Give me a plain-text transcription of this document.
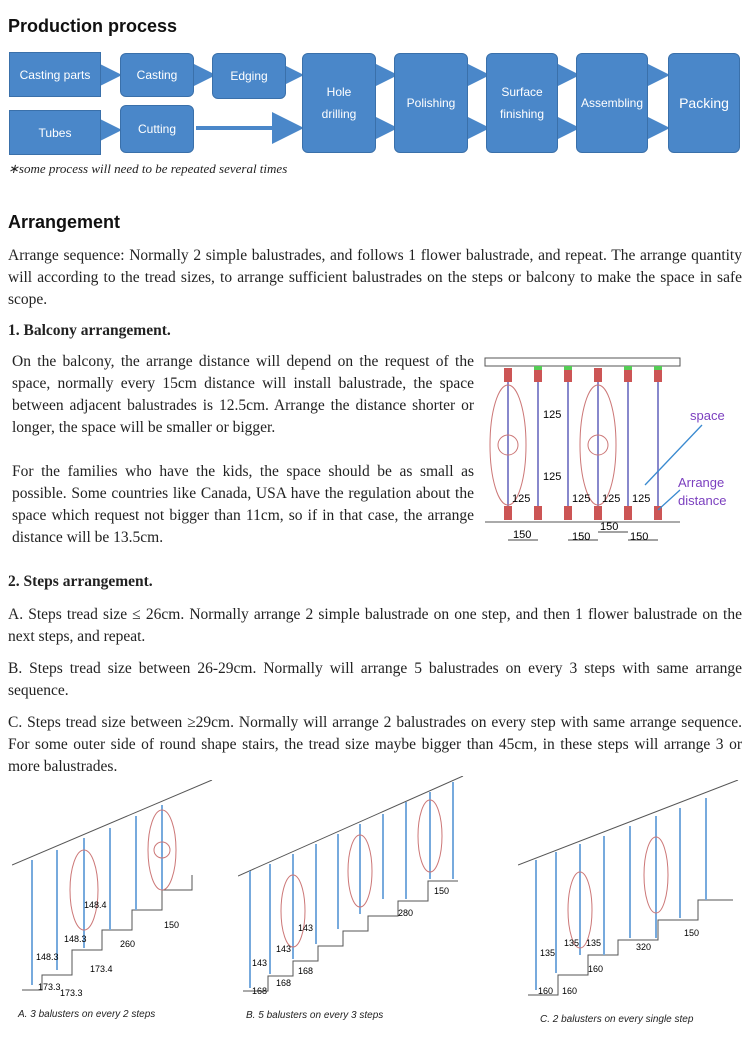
Production process
Casting parts
Tubes
Casting
Cutting
Edging
Hole
drilling
Polishing
Surface
finishing
Assembling	Packing
∗some process will need to be repeated several times
Arrangement
Arrange sequence: Normally 2 simple balustrades, and follows 1 flower balustrade, and repeat. The arrange quantity will according to the tread sizes, to arrange sufficient balustrades on the steps or balcony to make the space in safe scope.
1. Balcony arrangement.
On the balcony, the arrange distance will depend on the request of the space, normally every 15cm distance will install balustrade, the space between adjacent balustrades is 12.5cm. Arrange the distance shorter or longer, the space will be smaller or bigger.
For the families who have the kids, the space should be as small as possible. Some countries like Canada, USA have the regulation about the space which request not bigger than 11cm, so if in that case, the arrange distance will be 13.5cm.
125
125
125	125 125 125
150	150
150
150
space
Arrange
distance
2. Steps arrangement.
A. Steps tread size ≤ 26cm. Normally arrange 2 simple balustrade on one step, and then 1 flower balustrade on the next steps, and repeat.
B. Steps tread size between 26-29cm. Normally will arrange 5 balustrades on every 3 steps with same arrange sequence.
C. Steps tread size between ≥29cm. Normally will arrange 2 balustrades on every step with same arrange sequence. For some outer side of round shape stairs, the tread size maybe bigger than 45cm, in these steps will arrange 3 or more balustrades.
148.4
148.3
148.3
260
150
173.4
173.3
173.3
A. 3 balusters on every 2 steps
143
143
143
168
168
168
280
150
B. 5 balusters on every 3 steps
135
135 135
160
160
320
150
160
C. 2 balusters on every single step
